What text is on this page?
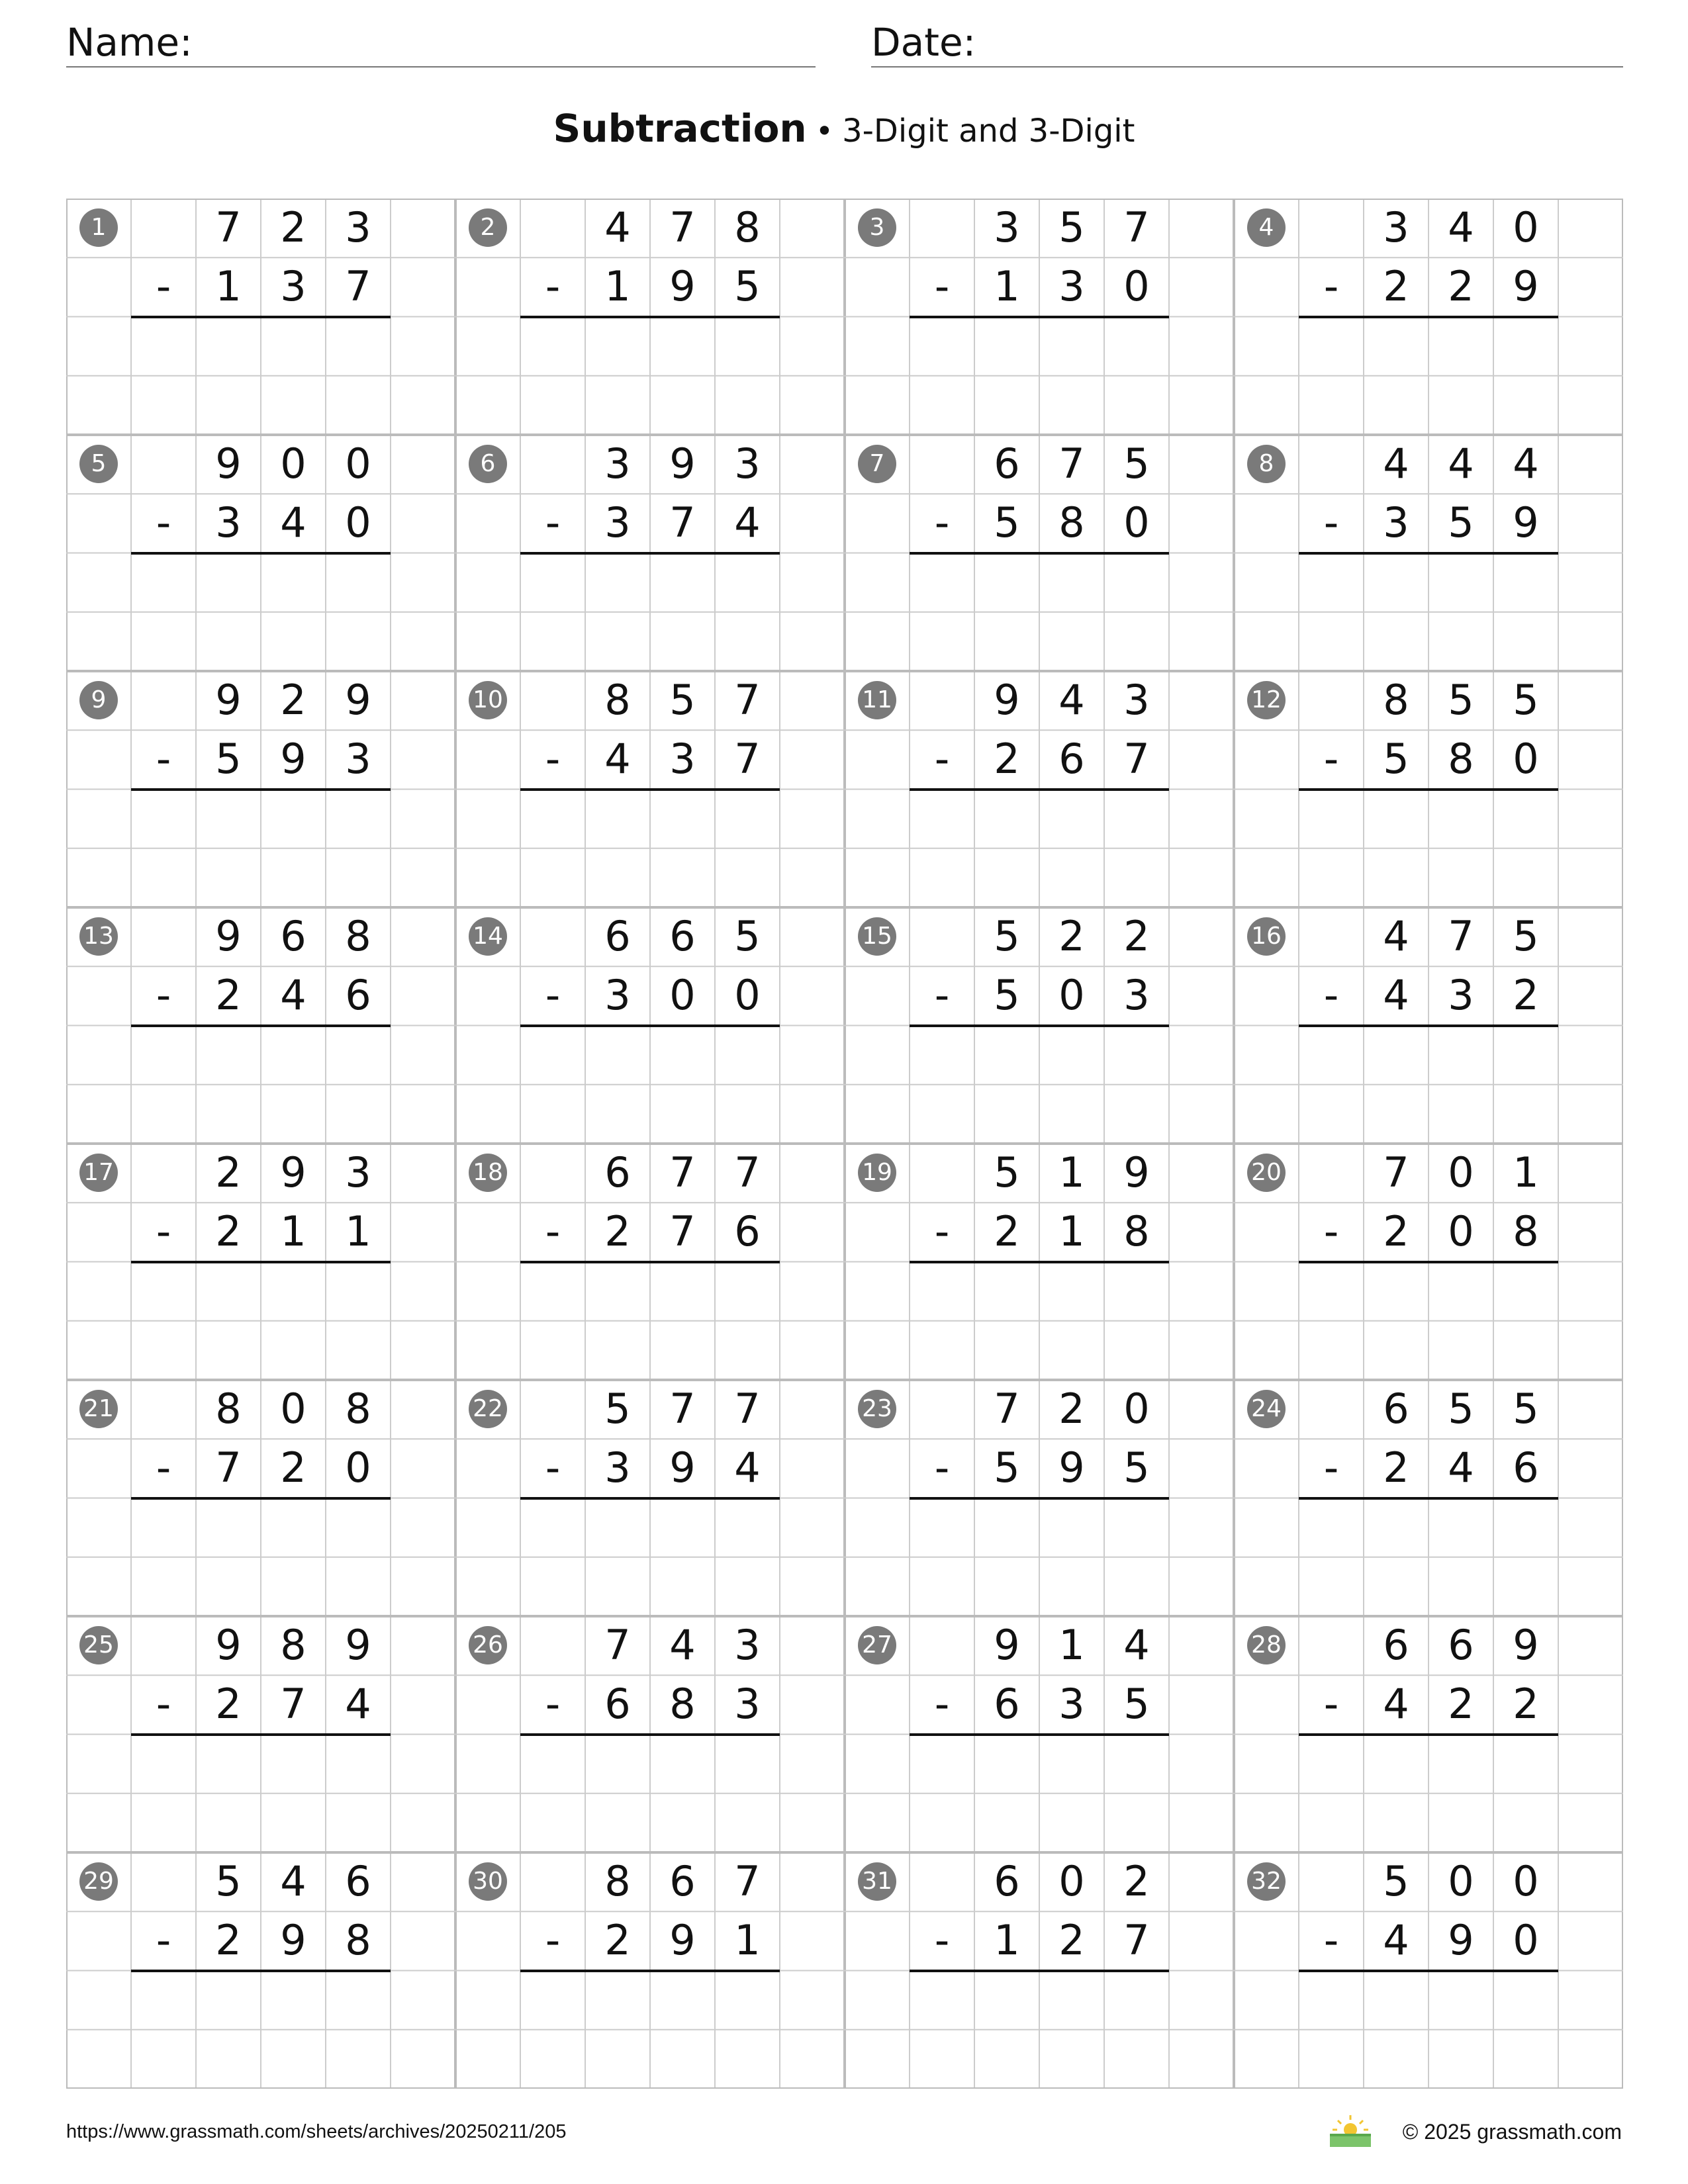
Name:	Date:
Subtraction • 3-Digit and 3-Digit
1	7 2 3
-	1 3 7
2	4 7 8
-	1 9 5
3	3 5 7
-	1 3 0
4	3 4 0
-	2 2 9
5	9 0 0
-	3 4 0
6	3 9 3
-	3 7 4
7	6 7 5
-	5 8 0
8	4 4 4
-	3 5 9
9	9 2 9
-	5 9 3
10	8 5 7
-	4 3 7
11	9 4 3
-	2 6 7
12	8 5 5
-	5 8 0
13	9 6 8
-	2 4 6
14	6 6 5
-	3 0 0
15	5 2 2
-	5 0 3
16	4 7 5
-	4 3 2
17	2 9 3
-	2 1 1
18	6 7 7
-	2 7 6
19	5 1 9
-	2 1 8
20	7 0 1
-	2 0 8
21	8 0 8
-	7 2 0
22	5 7 7
-	3 9 4
23	7 2 0
-	5 9 5
24	6 5 5
-	2 4 6
25	9 8 9
-	2 7 4
26	7 4 3
-	6 8 3
27	9 1 4
-	6 3 5
28	6 6 9
-	4 2 2
29	5 4 6
-	2 9 8
30	8 6 7
-	2 9 1
31	6 0 2
-	1 2 7
32	5 0 0
-	4 9 0
https://www.grassmath.com/sheets/archives/20250211/205	© 2025 grassmath.com
